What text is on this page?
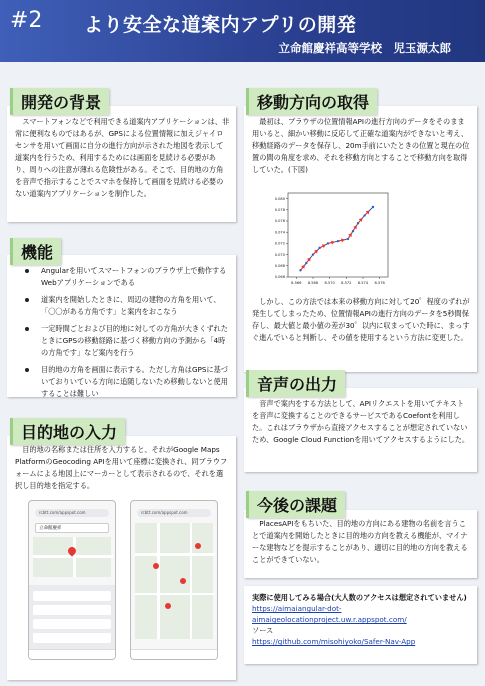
#2 より安全な道案内アプリの開発
立命館慶祥高等学校　児玉源太郎

スマートフォンなどで利用できる道案内アプリケーションは、非常に便利なものではあるが、GPSによる位置情報に加えジャイロセンサを用いて画面に自分の進行方向が示された地図を表示して道案内を行うため、利用するためには画面を見続ける必要があり、周りへの注意が薄れる危険性がある。そこで、目的地の方角を音声で指示することでスマホを保持して画面を見続ける必要のない道案内アプリケーションを制作した。

開発の背景
Angularを用いてスマートフォンのブラウザ上で動作するWebアプリケーションである
道案内を開始したときに、周辺の建物の方角を用いて、「〇〇がある方角です」と案内をおこなう
一定時間ごとおよび目的地に対しての方角が大きくずれたときにGPSの移動経路に基づく移動方向の予測から「4時の方角です」など案内を行う
目的地の方角を画面に表示する。ただし方角はGPSに基づいておりいている方向に追随しないため移動しないと使用することは難しい
機能

目的地の名称または住所を入力すると、それがGoogle Maps PlatformのGeocoding APIを用いて座標に変換され、同ブラウフォームによる地図上にマーカーとして表示されるので、それを選択し目的地を指定する。

目的地の入力
rcbtt.com/appspot.com
立命館慶祥
rcbtt.com/appspot.com

最初は、ブラウザの位置情報APIの進行方向のデータをそのまま用いると、細かい移動に反応して正確な道案内ができないと考え、移動経路のデータを保存し、20m手前にいたときの位置と現在の位置の間の角度を求め、それを移動方向とすることで移動方向を取得していた。(下図)

8.566 8.568 8.570 8.572 8.574 8.576
0.080
0.078
0.076
0.074
0.072
0.070
0.068
0.066

しかし、この方法では本来の移動方向に対して20゜程度のずれが発生してしまったため、位置情報APIの進行方向のデータを5秒間保存し、最大値と最小値の差が30゜以内に収まっていた時に、まっすぐ進んでいると判断し、その値を使用するという方法に変更した。

移動方向の取得

音声で案内をする方法として、APIリクエストを用いてテキストを音声に変換することのできるサービスであるCoefontを利用した。これはブラウザから直接アクセスすることが想定されていないため、Google Cloud Functionを用いてアクセスするようにした。

音声の出力

PlacesAPIをもちいた、目的地の方向にある建物の名前を言うことで道案内を開始したときに目的地の方向を教える機能が、マイナーな建物などを提示することがあり、適切に目的地の方向を教えることができていない。

今後の課題
実際に使用してみる場合(大人数のアクセスは想定されていません)
https://aimaiangular-dot-
aimaigeolocationproject.uw.r.appspot.com/
ソース
https://github.com/misohiyoko/Safer-Nav-App
